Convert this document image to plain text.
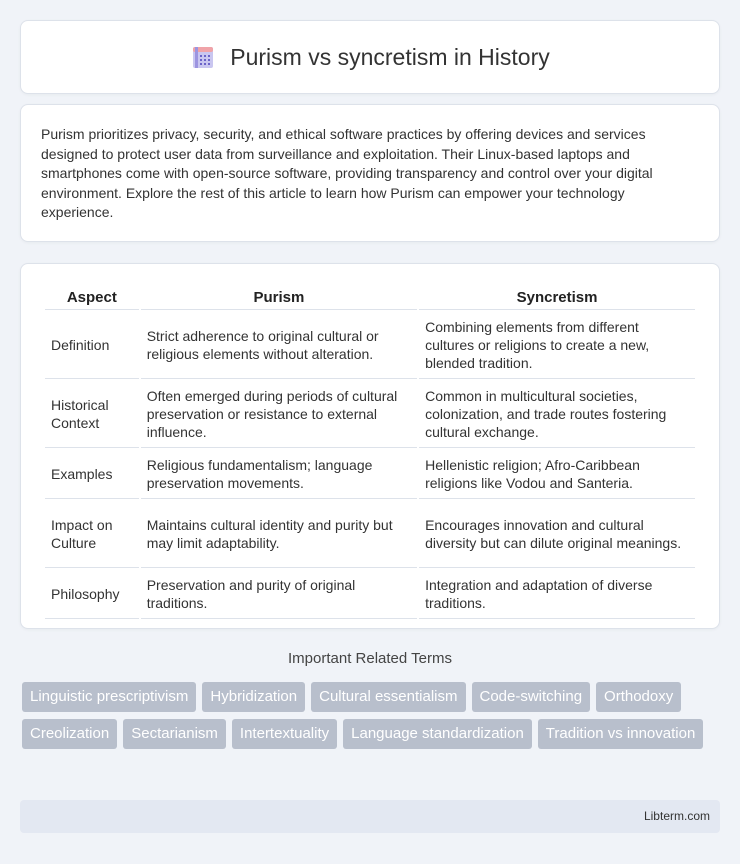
Purism vs syncretism in History

Purism prioritizes privacy, security, and ethical software practices by offering devices and services designed to protect user data from surveillance and exploitation. Their Linux-based laptops and smartphones come with open-source software, providing transparency and control over your digital environment. Explore the rest of this article to learn how Purism can empower your technology experience.

Aspect	Purism	Syncretism
Definition	Strict adherence to original cultural or religious elements without alteration.	Combining elements from different cultures or religions to create a new, blended tradition.
Historical Context	Often emerged during periods of cultural preservation or resistance to external influence.	Common in multicultural societies, colonization, and trade routes fostering cultural exchange.
Examples	Religious fundamentalism; language preservation movements.	Hellenistic religion; Afro-Caribbean religions like Vodou and Santeria.
Impact on Culture	Maintains cultural identity and purity but may limit adaptability.	Encourages innovation and cultural diversity but can dilute original meanings.
Philosophy	Preservation and purity of original traditions.	Integration and adaptation of diverse traditions.
Important Related Terms
Linguistic prescriptivism	Hybridization	Cultural essentialism	Code-switching	Orthodoxy
Creolization	Sectarianism	Intertextuality	Language standardization	Tradition vs innovation
Libterm.com
